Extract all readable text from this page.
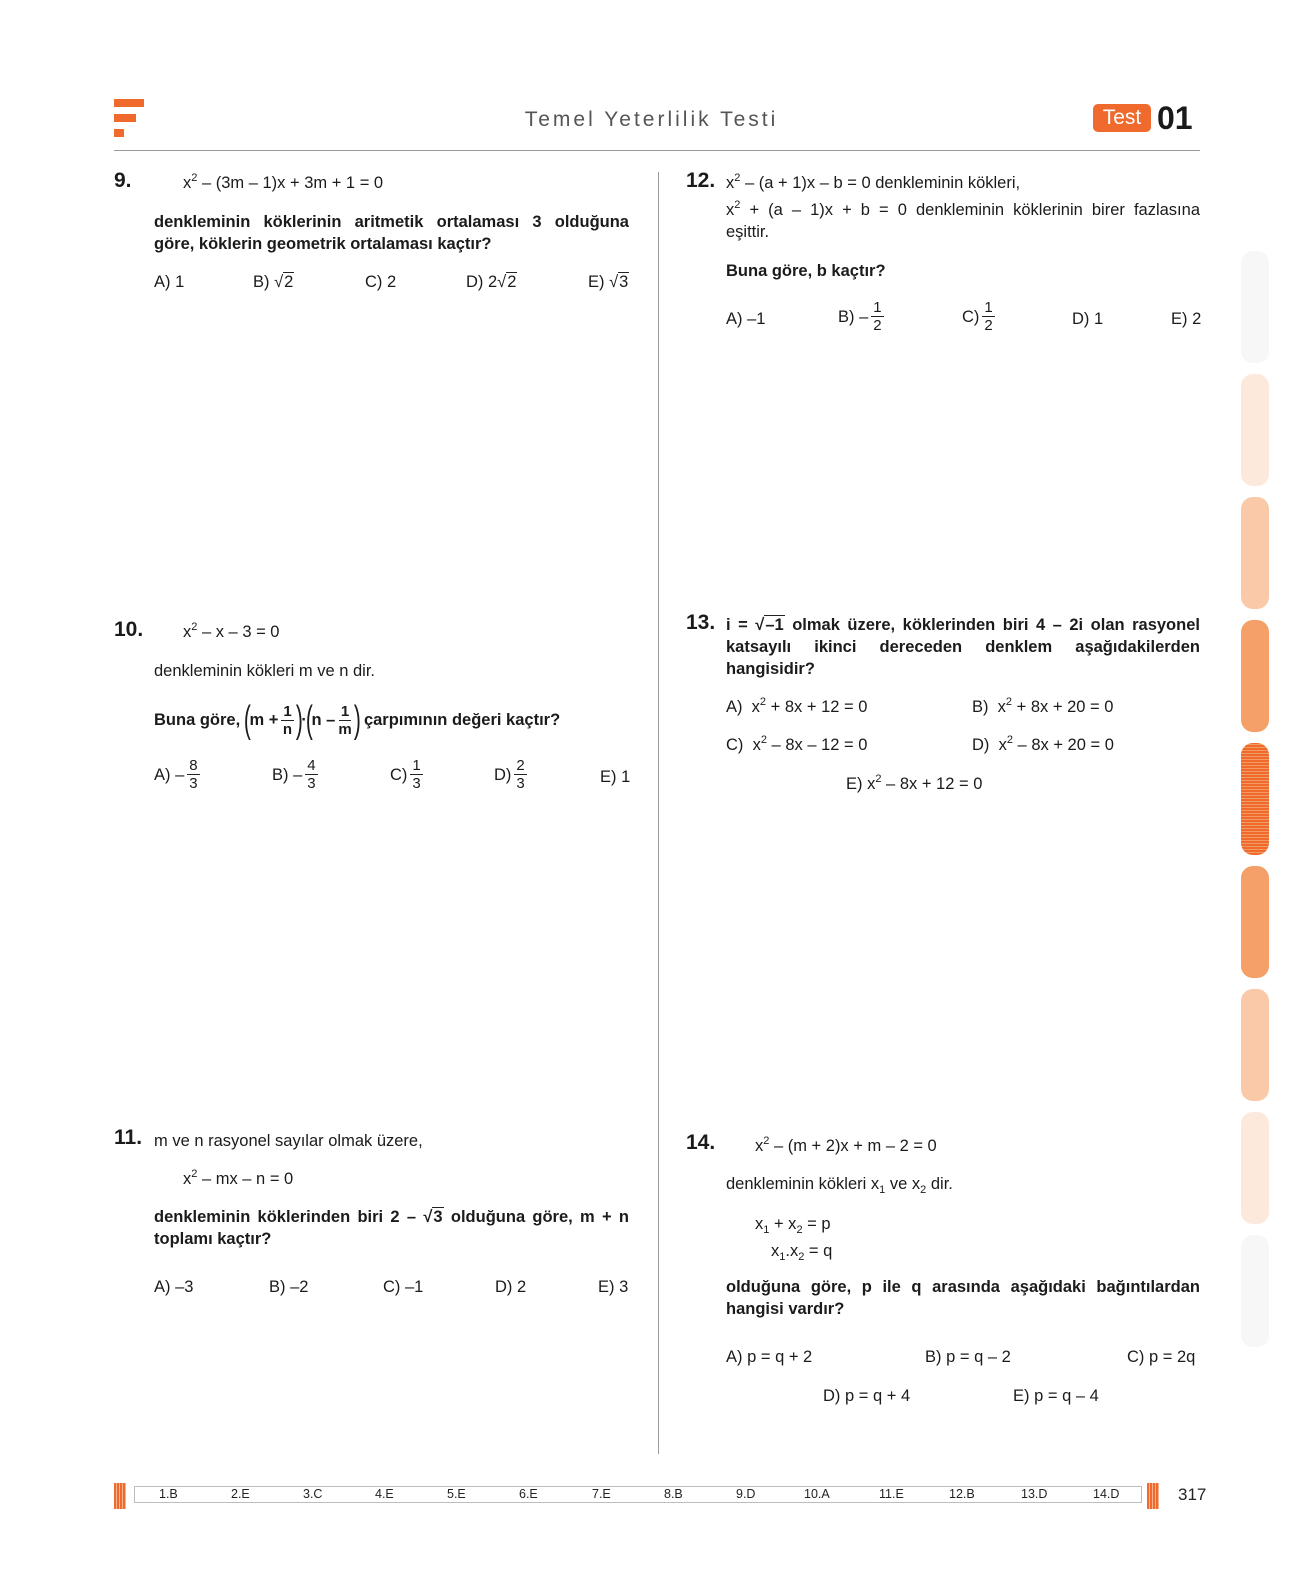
Temel Yeterlilik Testi	Test 01
9.	$x^2 - (3m - 1)x + 3m + 1 = 0$
denkleminin köklerinin aritmetik ortalaması 3 olduğuna göre, köklerin geometrik ortalaması kaçtır?
A) 1	B) √2	C) 2	D) 2√2	E) √3
10. $x^2 - x - 3 = 0$
denkleminin kökleri m ve n dir.
Buna göre,
(
$m + \frac{1}{n}$ )
·
(
n – $\frac{1}{m}$ )
çarpımının değeri kaçtır?
$A) - \frac{8}{3}$	$B) - \frac{4}{3}$	$C) \frac{1}{3}$	$D) \frac{2}{3}$	E) 1
11. m ve n rasyonel sayılar olmak üzere,
$x^2$ – mx – n = 0
denkleminin köklerinden biri 2 – √3 olduğuna göre, m + n toplamı kaçtır?
A) –3	B) –2	C) –1	D) 2	E) 3
12. $x^2 - (a + 1)x - b = 0$ denkleminin kökleri,
$x^2 + (a - 1)x + b = 0$ denkleminin köklerinin birer fazlasına
eşittir.
Buna göre, b kaçtır?
A) –1	$B) - \frac{1}{2}$	$C) \frac{1}{2}$	D) 1	E) 2
13. i = √–1 olmak üzere, köklerinden biri 4 – 2i olan rasyonel katsayılı ikinci dereceden denklem aşağıdakilerden hangisidir?
A)  $x^2 + 8x + 12 = 0$	B)  $x^2 + 8x + 20 = 0$
C)  $x^2 - 8x - 12 = 0$	D)  $x^2 - 8x + 20 = 0$
E) $x^2 - 8x + 12 = 0$
14. $x^2 - (m + 2)x + m - 2 = 0$
denkleminin kökleri $x_1$ ve $x_2$ dir.
$x_1 + x_2 = p$
$x_1.x_2 = q$
olduğuna göre, p ile q arasında aşağıdaki bağıntılardan hangisi vardır?
A) p = q + 2	B) p = q – 2	C) p = 2q
D) p = q + 4	E) p = q – 4
1.B	2.E	3.C	4.E	5.E	6.E	7.E	8.B	9.D	10.A	11.E	12.B	13.D	14.D	317
